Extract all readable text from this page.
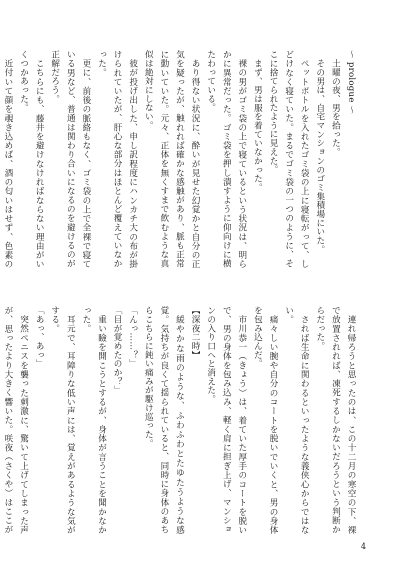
〜 prologue 〜

土曜の夜、男を拾った。

その男は、自宅マンションのゴミ集積場にいた。

ペットボトルを入れたゴミ袋の上に寝転がって、しどけなく寝ていた。まるでゴミ袋の一つのように、そこに捨てられたように見えた。

まず、男は服を着ていなかった。

裸の男がゴミ袋の上で寝ているという状況は、明らかに異常だった。ゴミ袋を押し潰すように仰向けに横たわっている。

あり得ない状況に、酔いが見せた幻覚かと自分の正気を疑ったが、触れれば確かな感触があり、脈も正常に動いていた。元々、正体を無くすまで飲むような真似は絶対にしない。

彼が投げ出した、申し訳程度にハンカチ大の布が掛けられていたが、肝心な部分はほとんど覆えていなかった。

更に、前後の脈絡もなく、ゴミ袋の上で全裸で寝ている男など、普通は関わり合いになるのを避けるのが正解だろう。

こちらにも、藤井を避けなければならない理由がいくつかあった。

近付いて顔を覗き込めば、酒の匂いはせず、色素の

連れ帰ろうと思ったのは、この十二月の寒空の下、裸で放置されれば、凍死するしかないだろうという判断からだった。

されば生命に関わるといったような義侠心からではない。

痛々しい腕や自分のコートを脱いでいくと、男の身体を包み込んだ。

市川恭一（きょう）は、着ていた厚手のコートを脱いで、男の身体を包み込み、軽く肩に担ぎ上げ、マンションの入り口へと消えた。

【深夜二時】

緩やかな雨のような、ふわふわとたゆたうような感覚。気持ちが良くて揺られていると、同時に身体のあちらこちらに鈍い痛みが駆け巡った。

「んっ……？」

「目が覚めたのか？」

重い瞼を開こうとするが、身体が言うことを聞かなかった。

耳元で、耳障りな低い声には、覚えがあるような気がする。

「あっ、あっ」

突然ペニスを襲った刺激に、驚いて上げてしまった声が、思ったより大きく響いた。咲夜（さくや）はここが

4
